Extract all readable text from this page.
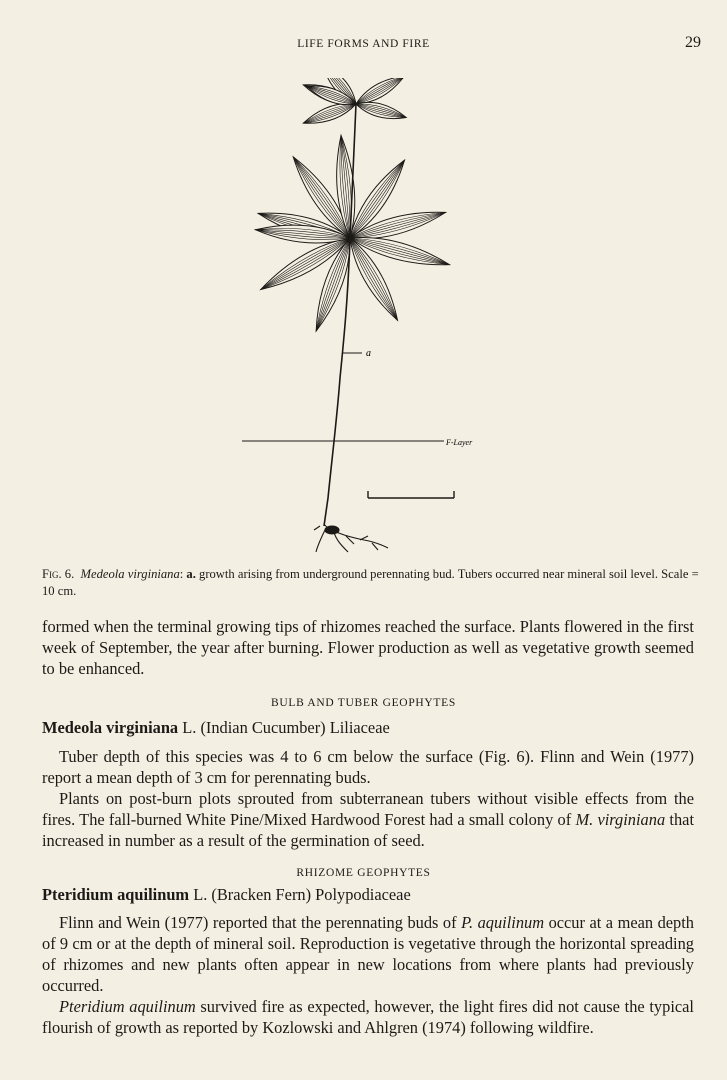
LIFE FORMS AND FIRE	29
a
F-Layer
Fig. 6. Medeola virginiana: a. growth arising from underground perennating bud. Tubers occurred near mineral soil level. Scale = 10 cm.

formed when the terminal growing tips of rhizomes reached the surface. Plants flowered in the first week of September, the year after burning. Flower production as well as vegetative growth seemed to be enhanced.

BULB AND TUBER GEOPHYTES
Medeola virginiana L. (Indian Cucumber) Liliaceae

Tuber depth of this species was 4 to 6 cm below the surface (Fig. 6). Flinn and Wein (1977) report a mean depth of 3 cm for perennating buds.

Plants on post-burn plots sprouted from subterranean tubers without visible effects from the fires. The fall-burned White Pine/Mixed Hardwood Forest had a small colony of M. virginiana that increased in number as a result of the germination of seed.

RHIZOME GEOPHYTES
Pteridium aquilinum L. (Bracken Fern) Polypodiaceae

Flinn and Wein (1977) reported that the perennating buds of P. aquilinum occur at a mean depth of 9 cm or at the depth of mineral soil. Reproduction is vegetative through the horizontal spreading of rhizomes and new plants often appear in new locations from where plants had previously occurred.

Pteridium aquilinum survived fire as expected, however, the light fires did not cause the typical flourish of growth as reported by Kozlowski and Ahlgren (1974) following wildfire.
